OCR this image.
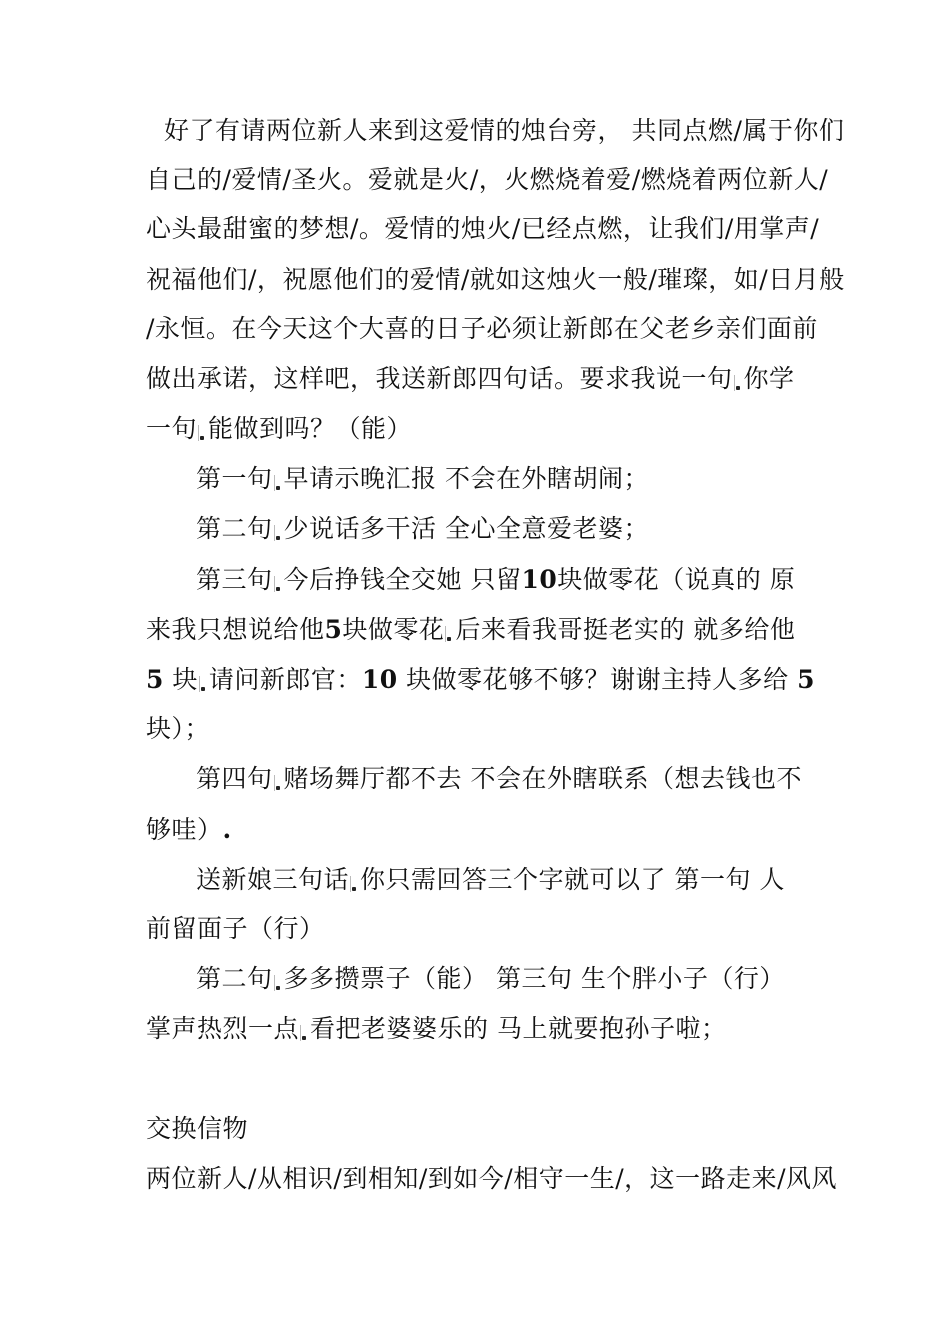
好了有请两位新人来到这爱情的烛台旁， 共同点燃/属于你们
自己的/爱情/圣火。爱就是火/，火燃烧着爱/燃烧着两位新人/
心头最甜蜜的梦想/。爱情的烛火/已经点燃，让我们/用掌声/
祝福他们/，祝愿他们的爱情/就如这烛火一般/璀璨，如/日月般
/永恒。在今天这个大喜的日子必须让新郎在父老乡亲们面前
做出承诺，这样吧，我送新郎四句话。要求我说一句 你学
一句 能做到吗？（能）
第一句 早请示晚汇报 不会在外瞎胡闹；
第二句 少说话多干活 全心全意爱老婆；
第三句 今后挣钱全交她 只留10块做零花（说真的 原
来我只想说给他5块做零花 后来看我哥挺老实的 就多给他
5 块 请问新郎官：10 块做零花够不够？谢谢主持人多给 5
块）；
第四句 赌场舞厅都不去 不会在外瞎联系（想去钱也不
够哇）.
送新娘三句话 你只需回答三个字就可以了 第一句 人
前留面子（行）
第二句 多多攒票子（能） 第三句 生个胖小子（行）
掌声热烈一点 看把老婆婆乐的 马上就要抱孙子啦；
交换信物
两位新人/从相识/到相知/到如今/相守一生/，这一路走来/风风
